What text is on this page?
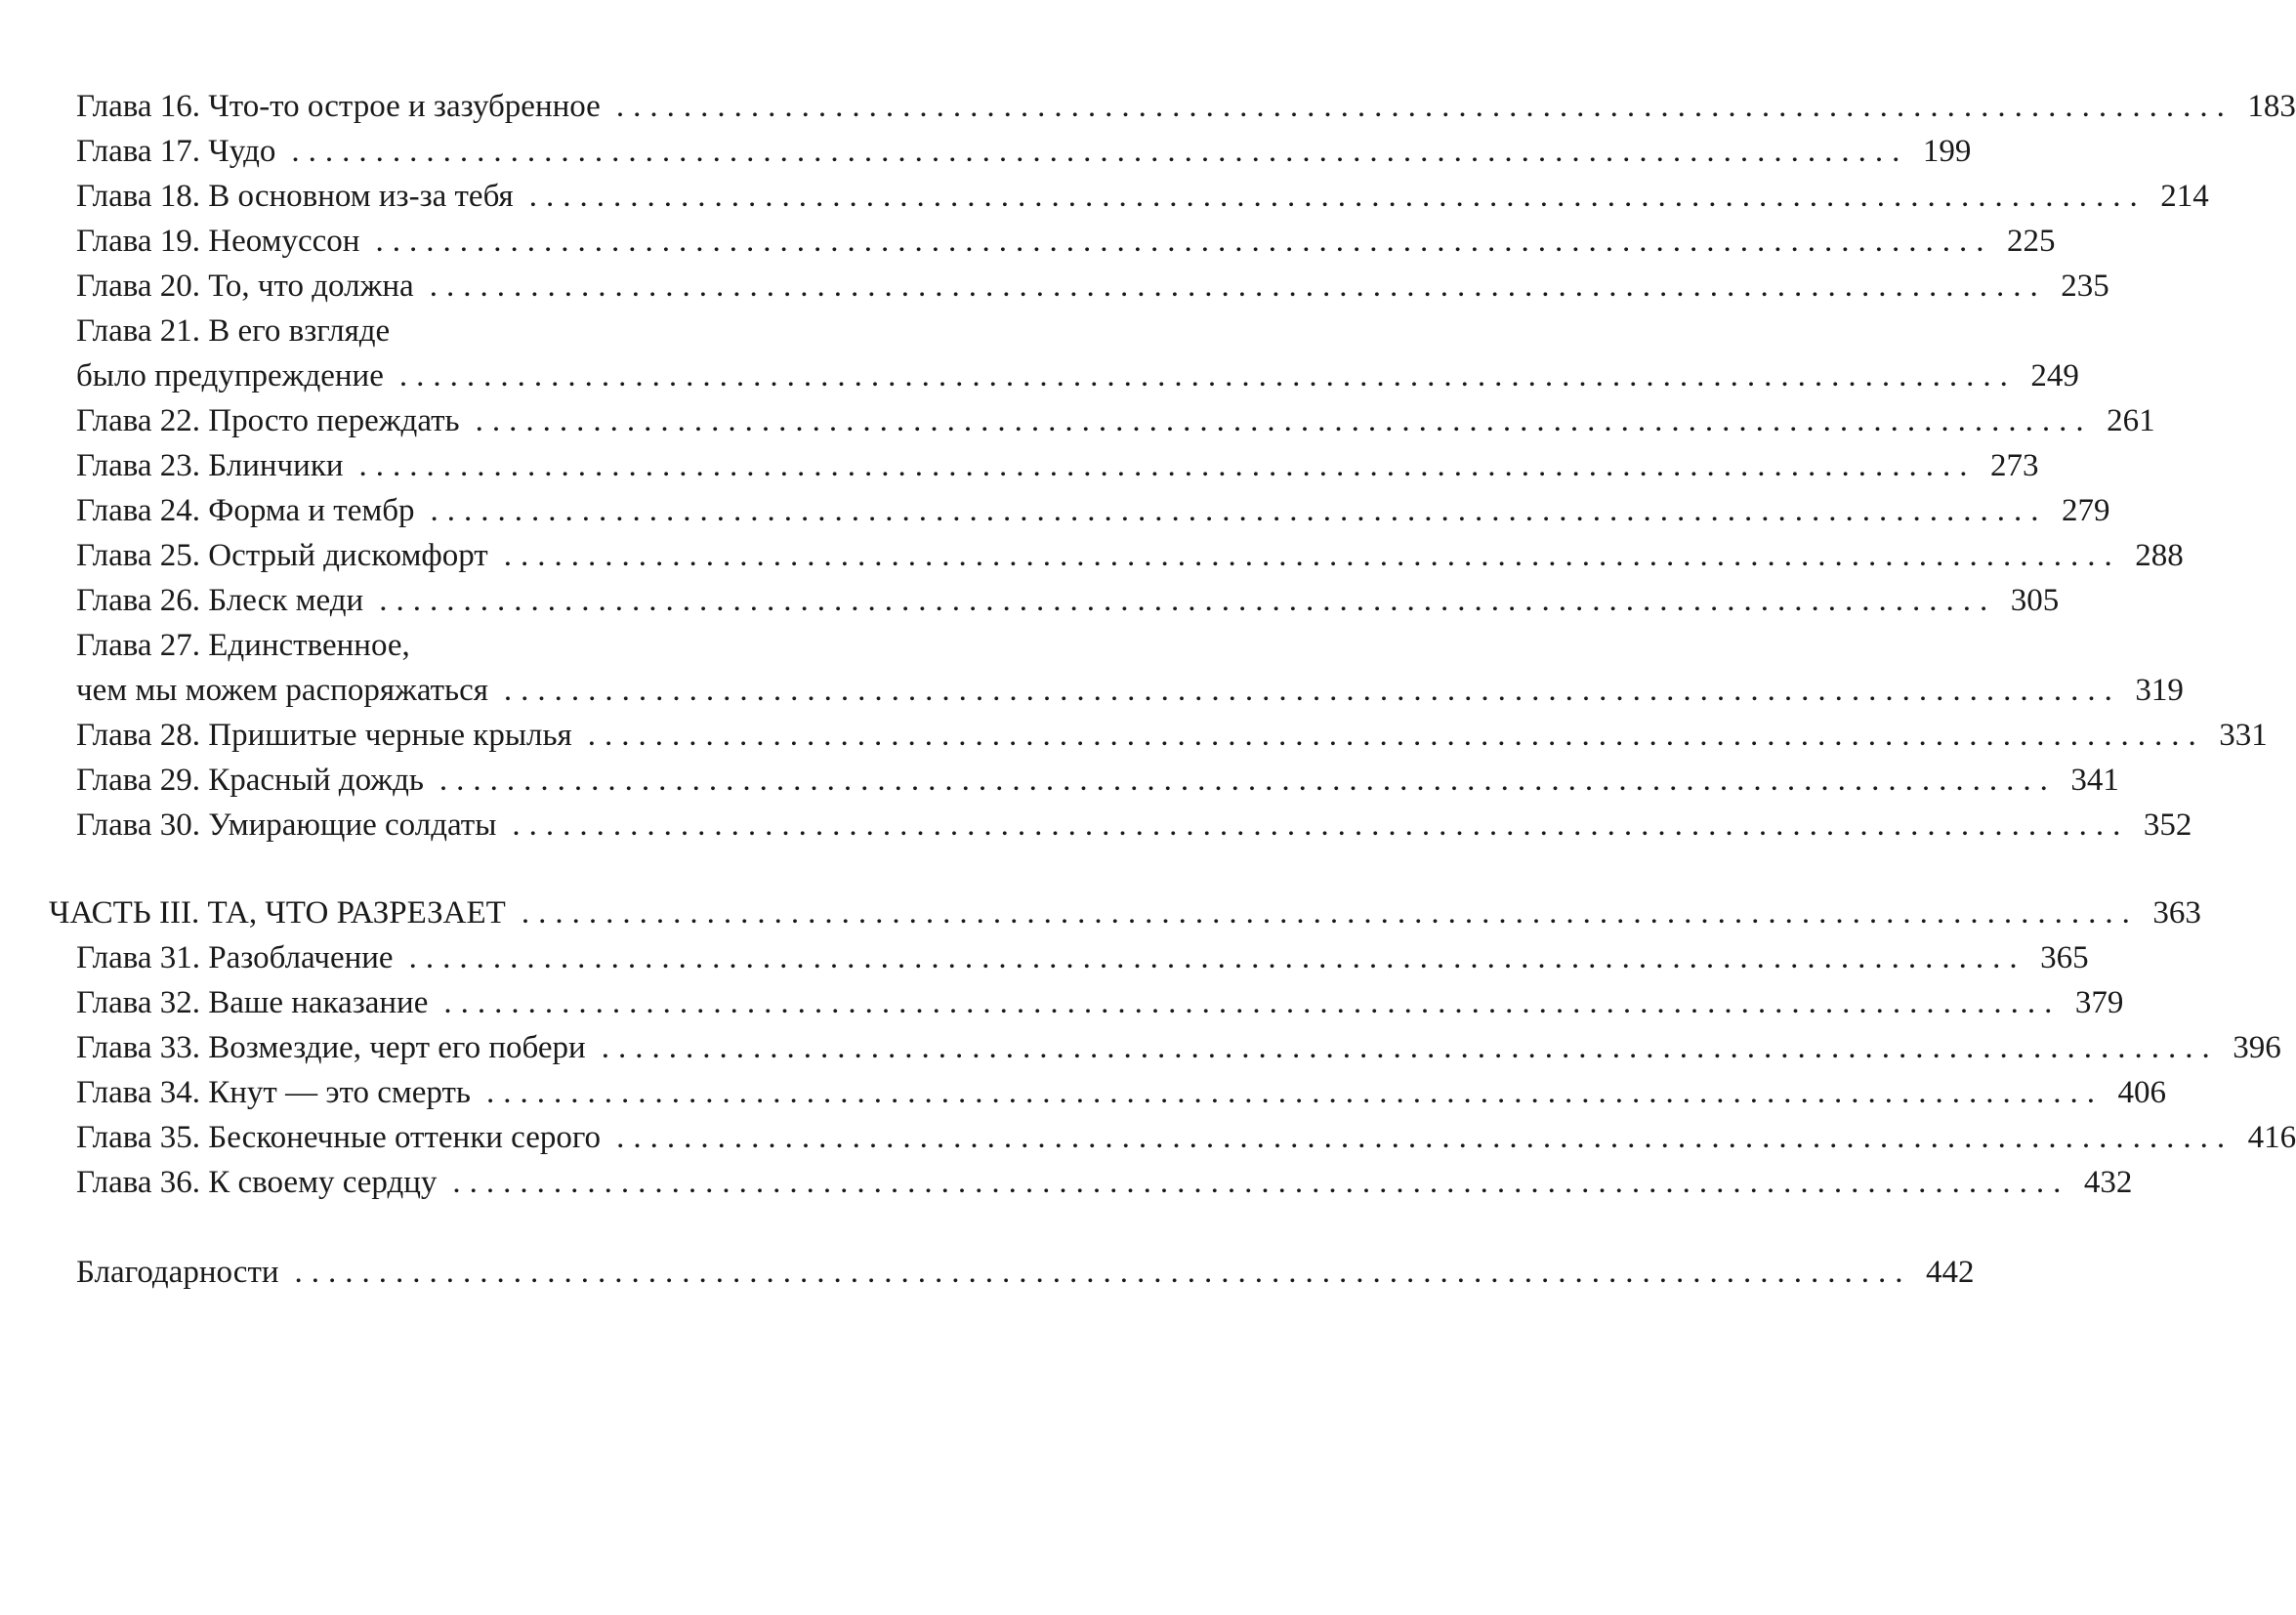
Глава 16. Что-то острое и зазубренное ................................................................................................ 183
Глава 17. Чудо ................................................................................................ 199
Глава 18. В основном из-за тебя ................................................................................................ 214
Глава 19. Неомуссон ................................................................................................ 225
Глава 20. То, что должна ................................................................................................ 235
Глава 21. В его взгляде
было предупреждение ................................................................................................ 249
Глава 22. Просто переждать ................................................................................................ 261
Глава 23. Блинчики ................................................................................................ 273
Глава 24. Форма и тембр ................................................................................................ 279
Глава 25. Острый дискомфорт ................................................................................................ 288
Глава 26. Блеск меди ................................................................................................ 305
Глава 27. Единственное,
чем мы можем распоряжаться ................................................................................................ 319
Глава 28. Пришитые черные крылья ................................................................................................ 331
Глава 29. Красный дождь ................................................................................................ 341
Глава 30. Умирающие солдаты ................................................................................................ 352
ЧАСТЬ III. ТА, ЧТО РАЗРЕЗАЕТ ................................................................................................ 363
Глава 31. Разоблачение ................................................................................................ 365
Глава 32. Ваше наказание ................................................................................................ 379
Глава 33. Возмездие, черт его побери ................................................................................................ 396
Глава 34. Кнут — это смерть ................................................................................................ 406
Глава 35. Бесконечные оттенки серого ................................................................................................ 416
Глава 36. К своему сердцу ................................................................................................ 432
Благодарности ................................................................................................ 442
